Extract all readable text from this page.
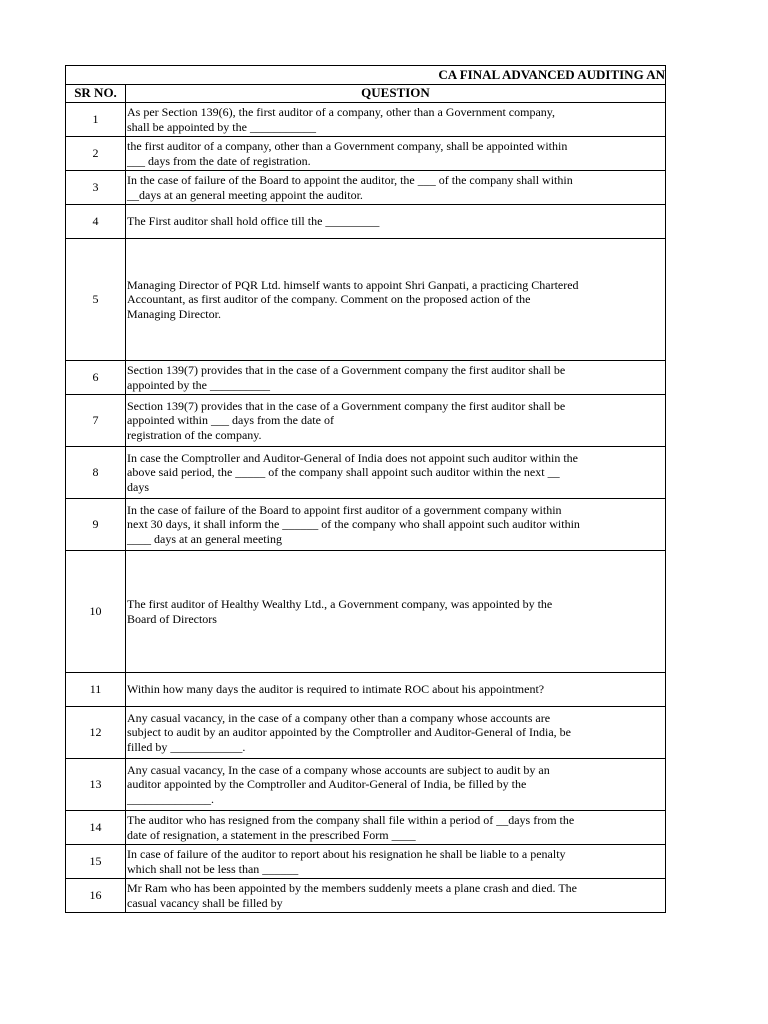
CA FINAL ADVANCED AUDITING AN	
SR NO.	QUESTION
1	As per Section 139(6), the first auditor of a company, other than a Government company,
shall be appointed by the ___________

2	the first auditor of a company, other than a Government company, shall be appointed within
___ days from the date of registration.

3	In the case of failure of the Board to appoint the auditor, the ___ of the company shall within
__days at an general meeting appoint the auditor.

4	The First auditor shall hold office till the _________

5	Managing Director of PQR Ltd. himself wants to appoint Shri Ganpati, a practicing Chartered
Accountant, as first auditor of the company. Comment on the proposed action of the
Managing Director.

6	Section 139(7) provides that in the case of a Government company the first auditor shall be
appointed by the __________

7	Section 139(7) provides that in the case of a Government company the first auditor shall be
appointed within ___ days from the date of
registration of the company.

8	In case the Comptroller and Auditor-General of India does not appoint such auditor within the
above said period, the _____ of the company shall appoint such auditor within the next __
days

9	In the case of failure of the Board to appoint first auditor of a government company within
next 30 days, it shall inform the ______ of the company who shall appoint such auditor within
____ days at an general meeting

10	The first auditor of Healthy Wealthy Ltd., a Government company, was appointed by the
Board of Directors

11	Within how many days the auditor is required to intimate ROC about his appointment?

12	Any casual vacancy, in the case of a company other than a company whose accounts are
subject to audit by an auditor appointed by the Comptroller and Auditor-General of India, be
filled by ____________.

13	Any casual vacancy, In the case of a company whose accounts are subject to audit by an
auditor appointed by the Comptroller and Auditor-General of India, be filled by the
______________.

14	The auditor who has resigned from the company shall file within a period of __days from the
date of resignation, a statement in the prescribed Form ____

15	In case of failure of the auditor to report about his resignation he shall be liable to a penalty
which shall not be less than ______

16	Mr Ram who has been appointed by the members suddenly meets a plane crash and died. The
casual vacancy shall be filled by
